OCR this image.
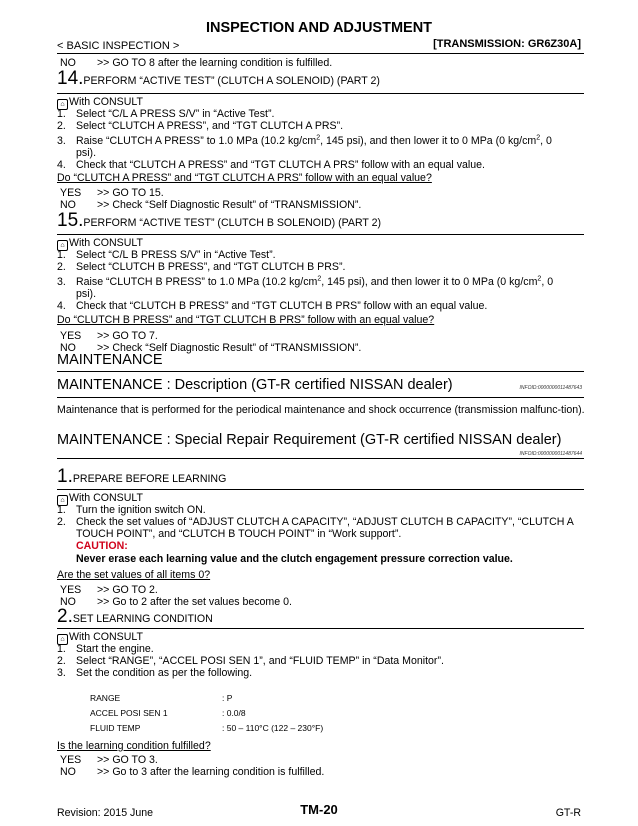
INSPECTION AND ADJUSTMENT
< BASIC INSPECTION >	[TRANSMISSION: GR6Z30A]
NO >> GO TO 8 after the learning condition is fulfilled.
14.PERFORM “ACTIVE TEST” (CLUTCH A SOLENOID) (PART 2)
⌂ With CONSULT
1. Select “C/L A PRESS S/V” in “Active Test”.
2. Select “CLUTCH A PRESS”, and “TGT CLUTCH A PRS”.
3. Raise “CLUTCH A PRESS” to 1.0 MPa (10.2 $kg/cm^2$, 145 psi), and then lower it to 0 MPa (0 $kg/cm^2$, 0
psi).
4. Check that “CLUTCH A PRESS” and “TGT CLUTCH A PRS” follow with an equal value.
Do “CLUTCH A PRESS” and “TGT CLUTCH A PRS” follow with an equal value?
YES >> GO TO 15.
NO >> Check “Self Diagnostic Result” of “TRANSMISSION”.
15.PERFORM “ACTIVE TEST” (CLUTCH B SOLENOID) (PART 2)
⌂ With CONSULT
1. Select “C/L B PRESS S/V” in “Active Test”.
2. Select “CLUTCH B PRESS”, and “TGT CLUTCH B PRS”.
3. Raise “CLUTCH B PRESS” to 1.0 MPa (10.2 $kg/cm^2$, 145 psi), and then lower it to 0 MPa (0 $kg/cm^2$, 0
psi).
4. Check that “CLUTCH B PRESS” and “TGT CLUTCH B PRS” follow with an equal value.
Do “CLUTCH B PRESS” and “TGT CLUTCH B PRS” follow with an equal value?
YES >> GO TO 7.
NO >> Check “Self Diagnostic Result” of “TRANSMISSION”.
MAINTENANCE
MAINTENANCE : Description (GT-R certified NISSAN dealer)	INFOID:0000000011487643
Maintenance that is performed for the periodical maintenance and shock occurrence (transmission malfunc-tion).
MAINTENANCE : Special Repair Requirement (GT-R certified NISSAN dealer)
INFOID:0000000011487644
1.PREPARE BEFORE LEARNING
⌂ With CONSULT
1. Turn the ignition switch ON.
2. Check the set values of “ADJUST CLUTCH A CAPACITY”, “ADJUST CLUTCH B CAPACITY”, “CLUTCH A TOUCH POINT”, and “CLUTCH B TOUCH POINT” in “Work support”.
CAUTION:
Never erase each learning value and the clutch engagement pressure correction value.
Are the set values of all items 0?
YES >> GO TO 2.
NO >> Go to 2 after the set values become 0.
2.SET LEARNING CONDITION
⌂ With CONSULT
1. Start the engine.
2. Select “RANGE”, “ACCEL POSI SEN 1”, and “FLUID TEMP” in “Data Monitor”.
3. Set the condition as per the following.
RANGE	: P
ACCEL POSI SEN 1	: 0.0/8
FLUID TEMP	: 50 – 110°C (122 – 230°F)
Is the learning condition fulfilled?
YES >> GO TO 3.
NO >> Go to 3 after the learning condition is fulfilled.
Revision: 2015 June	TM-20	GT-R
